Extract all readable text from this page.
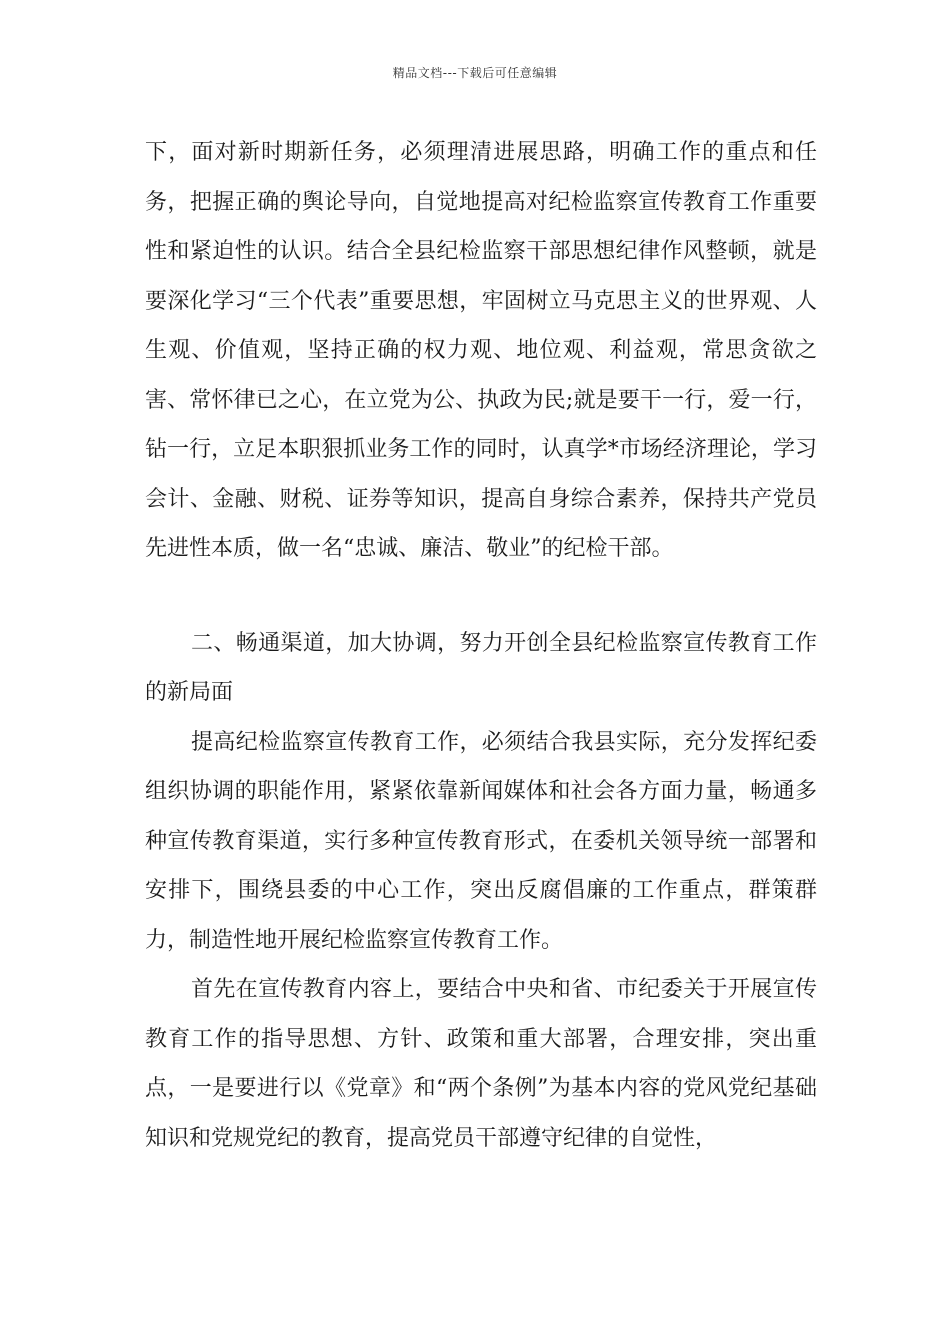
精品文档---下载后可任意编辑

下，面对新时期新任务，必须理清进展思路，明确工作的重点和任务，把握正确的舆论导向，自觉地提高对纪检监察宣传教育工作重要性和紧迫性的认识。结合全县纪检监察干部思想纪律作风整顿，就是要深化学习“三个代表”重要思想，牢固树立马克思主义的世界观、人生观、价值观，坚持正确的权力观、地位观、利益观，常思贪欲之害、常怀律已之心，在立党为公、执政为民;就是要干一行，爱一行，钻一行，立足本职狠抓业务工作的同时，认真学*市场经济理论，学习会计、金融、财税、证券等知识，提高自身综合素养，保持共产党员先进性本质，做一名“忠诚、廉洁、敬业”的纪检干部。

二、畅通渠道，加大协调，努力开创全县纪检监察宣传教育工作的新局面

提高纪检监察宣传教育工作，必须结合我县实际，充分发挥纪委组织协调的职能作用，紧紧依靠新闻媒体和社会各方面力量，畅通多种宣传教育渠道，实行多种宣传教育形式，在委机关领导统一部署和安排下，围绕县委的中心工作，突出反腐倡廉的工作重点，群策群力，制造性地开展纪检监察宣传教育工作。

首先在宣传教育内容上，要结合中央和省、市纪委关于开展宣传教育工作的指导思想、方针、政策和重大部署，合理安排，突出重点，一是要进行以《党章》和“两个条例”为基本内容的党风党纪基础知识和党规党纪的教育，提高党员干部遵守纪律的自觉性，
